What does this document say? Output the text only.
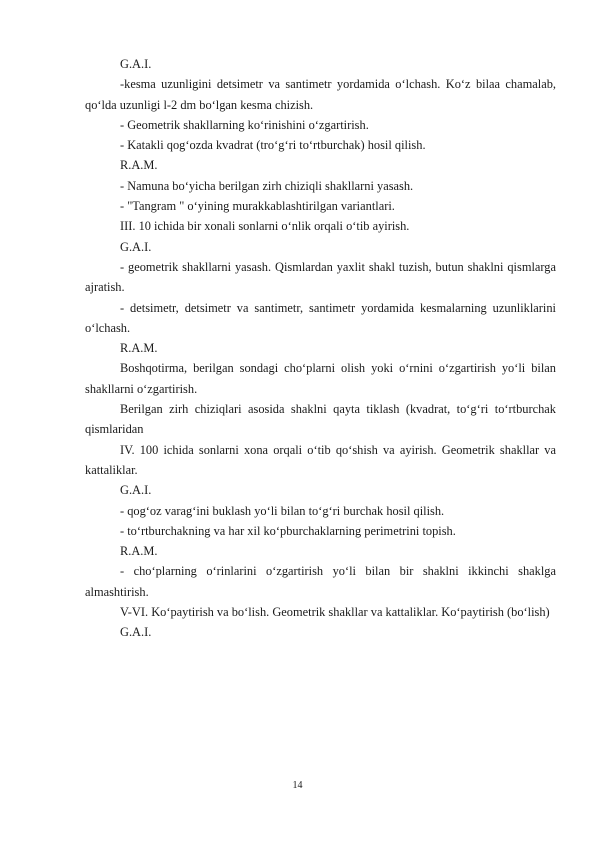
G.A.I.

-kesma uzunligini detsimetr va santimetr yordamida o‘lchash. Ko‘z bilaa chamalab, qo‘lda uzunligi l-2 dm bo‘lgan kesma chizish.

- Geometrik shakllarning ko‘rinishini o‘zgartirish.

- Katakli qog‘ozda kvadrat (tro‘g‘ri to‘rtburchak) hosil qilish.

R.A.M.

- Namuna bo‘yicha berilgan zirh chiziqli shakllarni yasash.

- "Tangram " o‘yining murakkablashtirilgan variantlari.

III. 10 ichida bir xonali sonlarni o‘nlik orqali o‘tib ayirish.

G.A.I.

- geometrik shakllarni yasash. Qismlardan yaxlit shakl tuzish, butun shaklni qismlarga ajratish.

- detsimetr, detsimetr va santimetr, santimetr yordamida kesmalarning uzunliklarini o‘lchash.

R.A.M.

Boshqotirma, berilgan sondagi cho‘plarni olish yoki o‘rnini o‘zgartirish yo‘li bilan shakllarni o‘zgartirish.

Berilgan zirh chiziqlari asosida shaklni qayta tiklash (kvadrat, to‘g‘ri to‘rtburchak qismlaridan

IV. 100 ichida sonlarni xona orqali o‘tib qo‘shish va ayirish. Geometrik shakllar va kattaliklar.

G.A.I.

- qog‘oz varag‘ini buklash yo‘li bilan to‘g‘ri burchak hosil qilish.

- to‘rtburchakning va har xil ko‘pburchaklarning perimetrini topish.

R.A.M.

- cho‘plarning o‘rinlarini o‘zgartirish yo‘li bilan bir shaklni ikkinchi shaklga almashtirish.

V-VI. Ko‘paytirish va bo‘lish. Geometrik shakllar va kattaliklar. Ko‘paytirish (bo‘lish)

G.A.I.

14
